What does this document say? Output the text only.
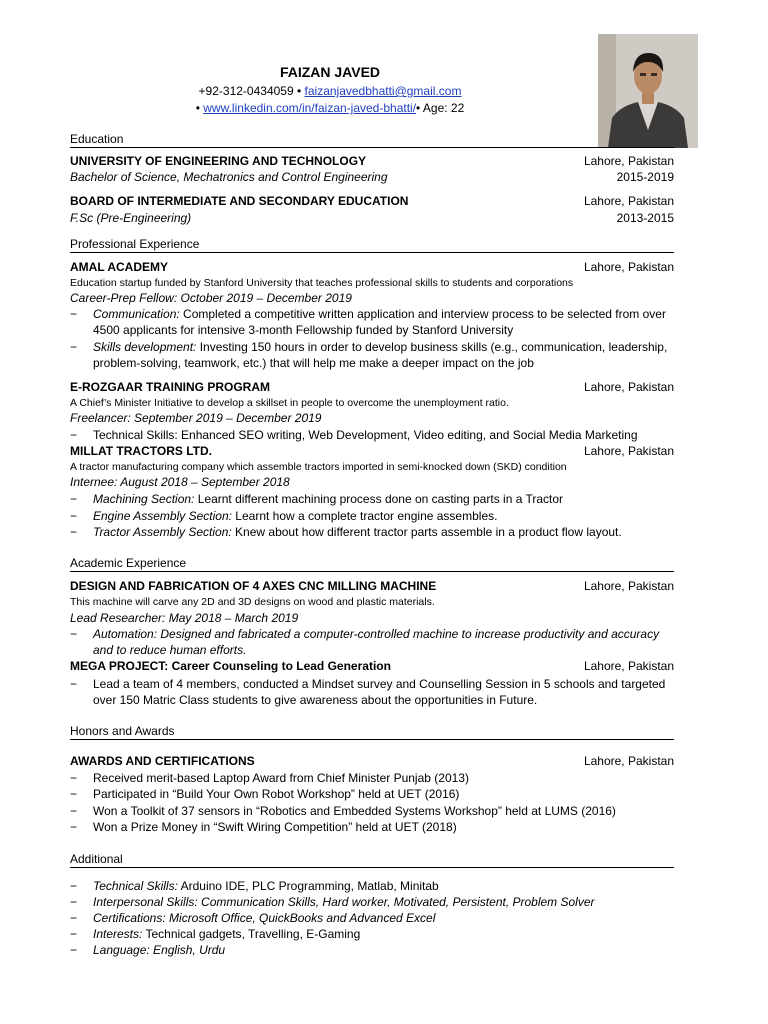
FAIZAN JAVED
+92-312-0434059 • faizanjavedbhatti@gmail.com
• www.linkedin.com/in/faizan-javed-bhatti/• Age: 22
Education
UNIVERSITY OF ENGINEERING AND TECHNOLOGY	Lahore, Pakistan
Bachelor of Science, Mechatronics and Control Engineering	2015-2019
BOARD OF INTERMEDIATE AND SECONDARY EDUCATION	Lahore, Pakistan
F.Sc (Pre-Engineering)	2013-2015
Professional Experience
AMAL ACADEMY	Lahore, Pakistan
Education startup funded by Stanford University that teaches professional skills to students and corporations
Career-Prep Fellow: October 2019 – December 2019
− Communication: Completed a competitive written application and interview process to be selected from over 4500 applicants for intensive 3-month Fellowship funded by Stanford University
− Skills development: Investing 150 hours in order to develop business skills (e.g., communication, leadership, problem-solving, teamwork, etc.) that will help me make a deeper impact on the job
E-ROZGAAR TRAINING PROGRAM	Lahore, Pakistan
A Chief’s Minister Initiative to develop a skillset in people to overcome the unemployment ratio.
Freelancer: September 2019 – December 2019
− Technical Skills: Enhanced SEO writing, Web Development, Video editing, and Social Media Marketing
MILLAT TRACTORS LTD.	Lahore, Pakistan
A tractor manufacturing company which assemble tractors imported in semi-knocked down (SKD) condition
Internee: August 2018 – September 2018
− Machining Section: Learnt different machining process done on casting parts in a Tractor
− Engine Assembly Section: Learnt how a complete tractor engine assembles.
− Tractor Assembly Section: Knew about how different tractor parts assemble in a product flow layout.
Academic Experience
DESIGN AND FABRICATION OF 4 AXES CNC MILLING MACHINE	Lahore, Pakistan
This machine will carve any 2D and 3D designs on wood and plastic materials.
Lead Researcher: May 2018 – March 2019
− Automation: Designed and fabricated a computer-controlled machine to increase productivity and accuracy and to reduce human efforts.
MEGA PROJECT: Career Counseling to Lead Generation	Lahore, Pakistan
− Lead a team of 4 members, conducted a Mindset survey and Counselling Session in 5 schools and targeted over 150 Matric Class students to give awareness about the opportunities in Future.
Honors and Awards
AWARDS AND CERTIFICATIONS	Lahore, Pakistan
− Received merit-based Laptop Award from Chief Minister Punjab (2013)
− Participated in “Build Your Own Robot Workshop” held at UET (2016)
− Won a Toolkit of 37 sensors in “Robotics and Embedded Systems Workshop” held at LUMS (2016)
− Won a Prize Money in “Swift Wiring Competition” held at UET (2018)
Additional
− Technical Skills: Arduino IDE, PLC Programming, Matlab, Minitab
− Interpersonal Skills: Communication Skills, Hard worker, Motivated, Persistent, Problem Solver
− Certifications: Microsoft Office, QuickBooks and Advanced Excel
− Interests: Technical gadgets, Travelling, E-Gaming
− Language: English, Urdu
